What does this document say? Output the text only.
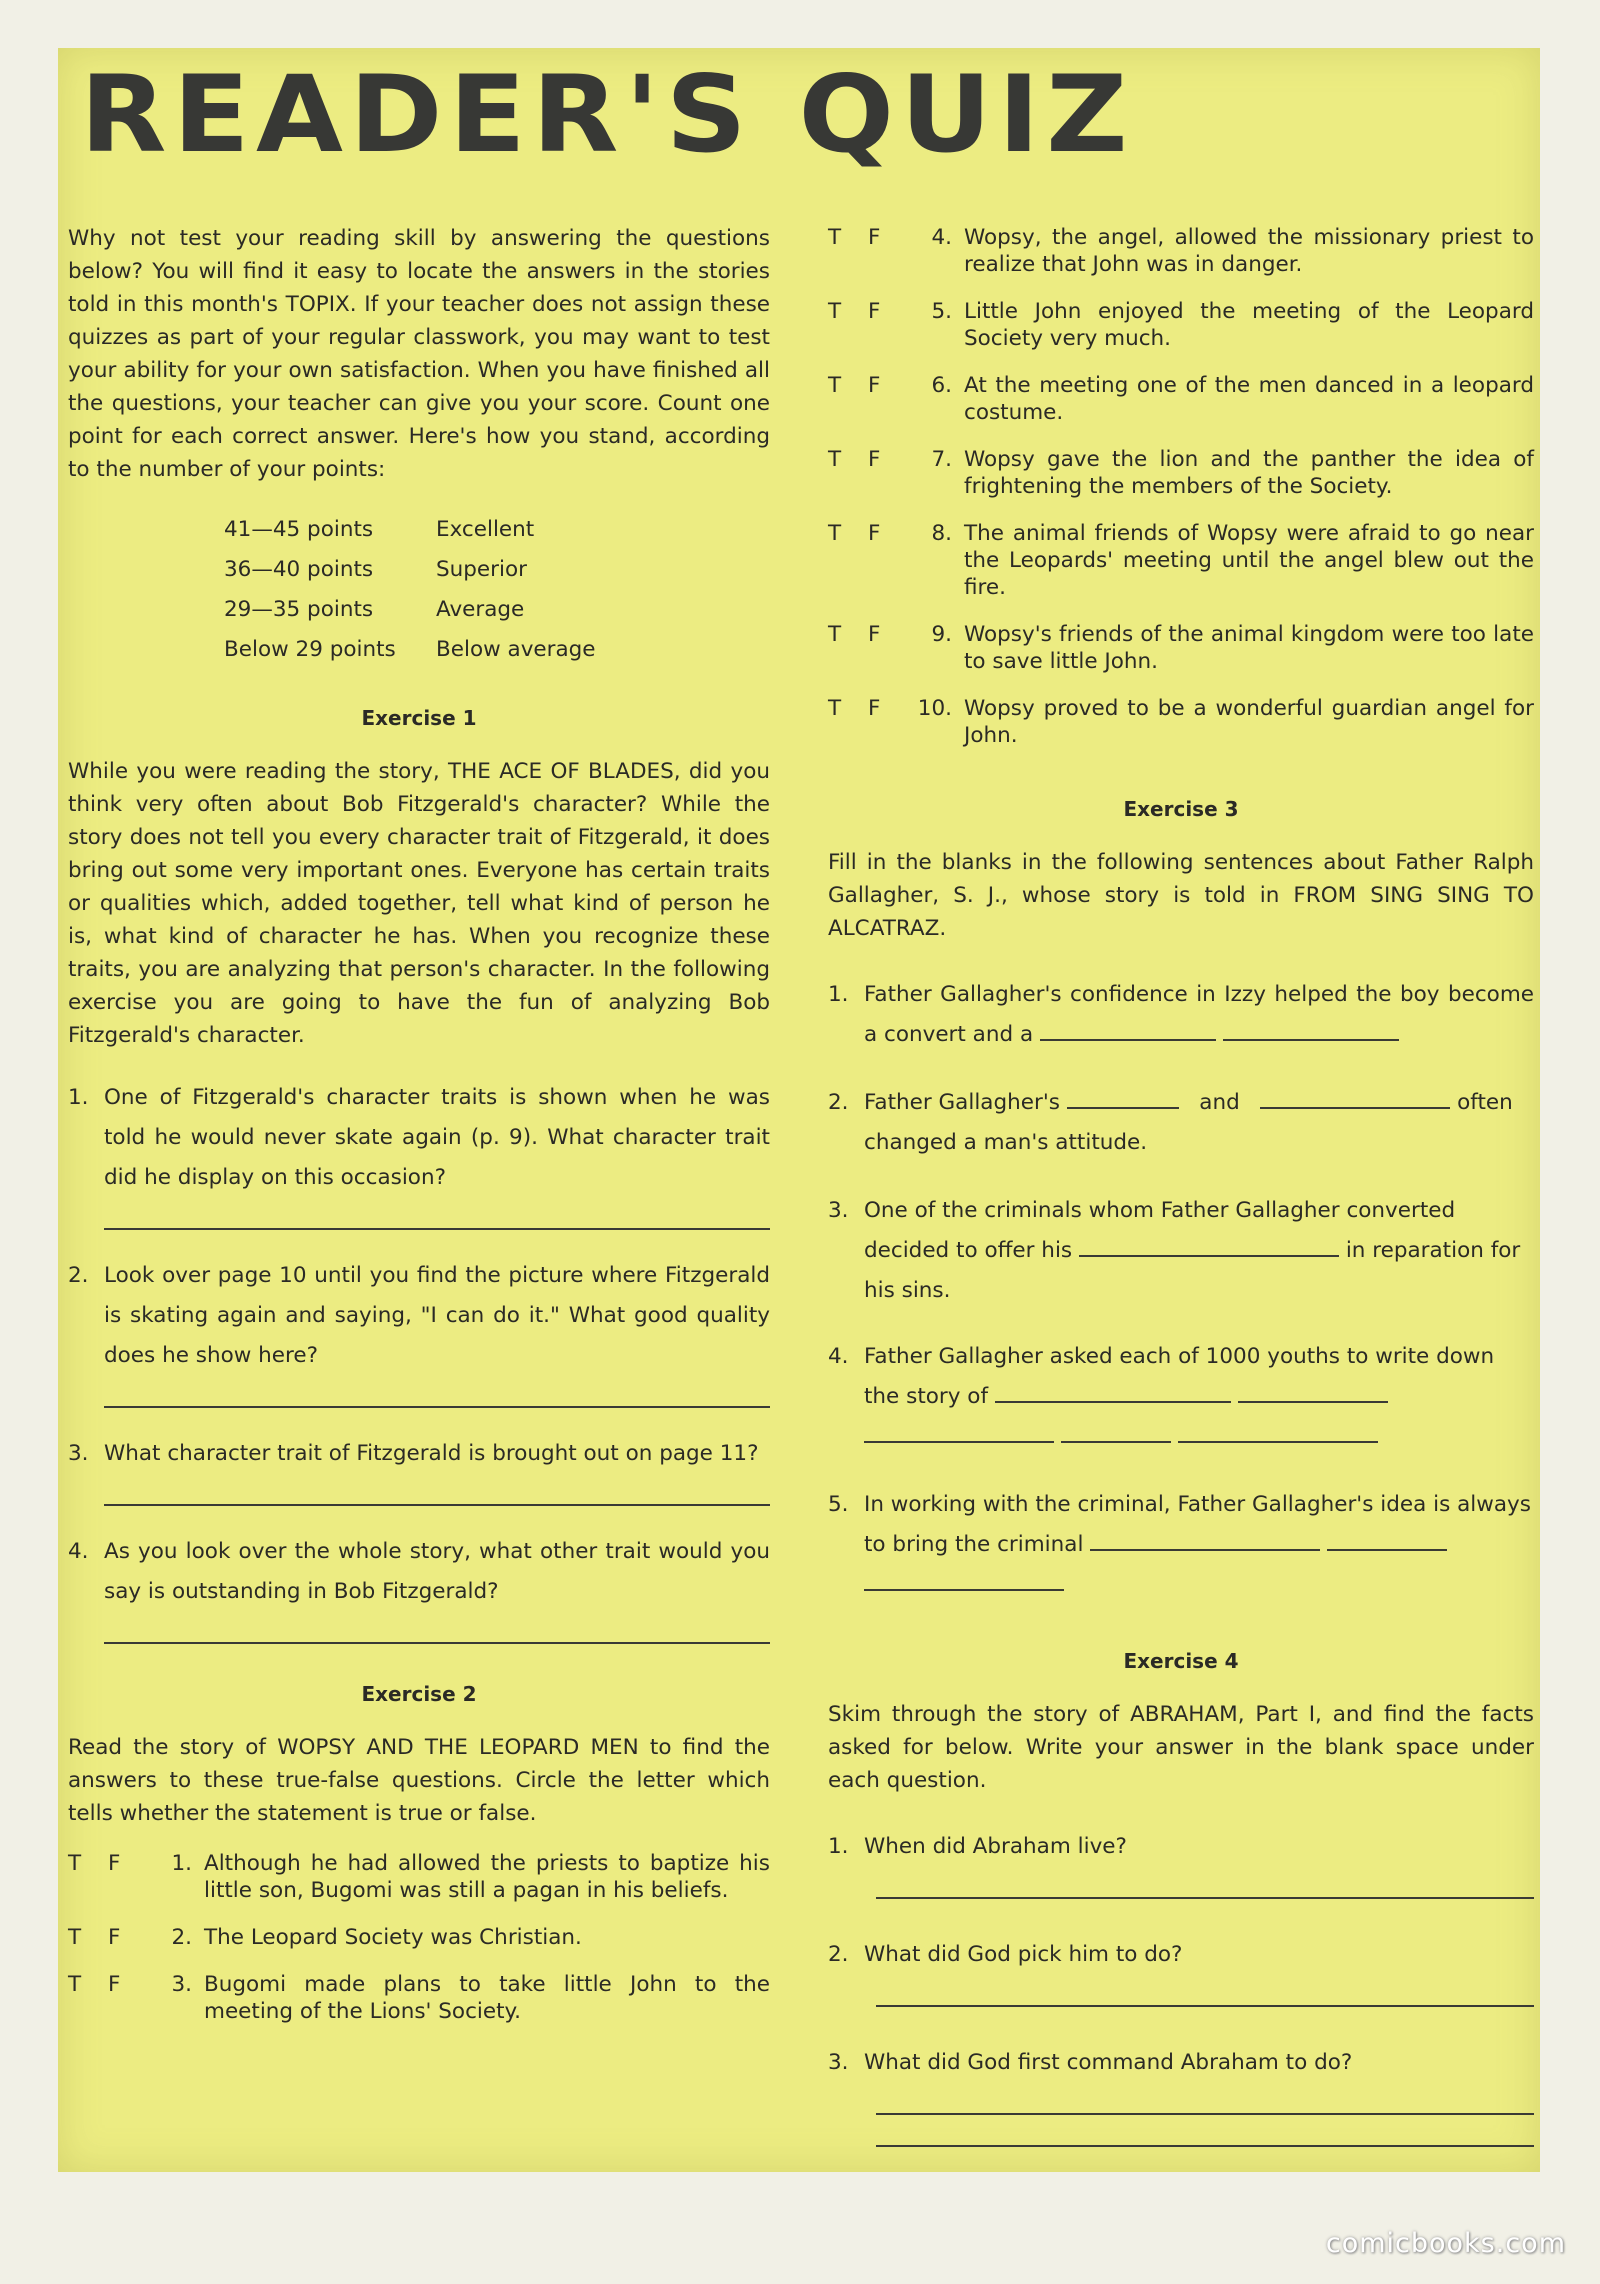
READER'S QUIZ

Why not test your reading skill by answering the questions below? You will find it easy to locate the answers in the stories told in this month's TOPIX. If your teacher does not assign these quizzes as part of your regular classwork, you may want to test your ability for your own satisfaction. When you have finished all the questions, your teacher can give you your score. Count one point for each correct answer. Here's how you stand, according to the number of your points:

41—45 points	Excellent
36—40 points	Superior
29—35 points	Average
Below 29 points	Below average
Exercise 1

While you were reading the story, THE ACE OF BLADES, did you think very often about Bob Fitzgerald's character? While the story does not tell you every character trait of Fitzgerald, it does bring out some very important ones. Everyone has certain traits or qualities which, added together, tell what kind of person he is, what kind of character he has. When you recognize these traits, you are analyzing that person's character. In the following exercise you are going to have the fun of analyzing Bob Fitzgerald's character.

1. One of Fitzgerald's character traits is shown when he was told he would never skate again (p. 9). What character trait did he display on this occasion?
2. Look over page 10 until you find the picture where Fitzgerald is skating again and saying, "I can do it." What good quality does he show here?
3. What character trait of Fitzgerald is brought out on page 11?
4. As you look over the whole story, what other trait would you say is outstanding in Bob Fitzgerald?
Exercise 2

Read the story of WOPSY AND THE LEOPARD MEN to find the answers to these true-false questions. Circle the letter which tells whether the statement is true or false.

T	F	1. Although he had allowed the priests to baptize his little son, Bugomi was still a pagan in his beliefs.
T	F	2. The Leopard Society was Christian.
T	F	3. Bugomi made plans to take little John to the meeting of the Lions' Society.
T	F	4. Wopsy, the angel, allowed the missionary priest to realize that John was in danger.
T	F	5. Little John enjoyed the meeting of the Leopard Society very much.
T	F	6. At the meeting one of the men danced in a leopard costume.
T	F	7. Wopsy gave the lion and the panther the idea of frightening the members of the Society.
T	F	8. The animal friends of Wopsy were afraid to go near the Leopards' meeting until the angel blew out the fire.
T	F	9. Wopsy's friends of the animal kingdom were too late to save little John.
T	F	10. Wopsy proved to be a wonderful guardian angel for John.
Exercise 3

Fill in the blanks in the following sentences about Father Ralph Gallagher, S. J., whose story is told in FROM SING SING TO ALCATRAZ.

1. Father Gallagher's confidence in Izzy helped the boy become a convert and a
2. Father Gallagher's	and	often changed a man's attitude.
3. One of the criminals whom Father Gallagher converted decided to offer his	in reparation for his sins.
4. Father Gallagher asked each of 1000 youths to write down the story of
5. In working with the criminal, Father Gallagher's idea is always to bring the criminal
Exercise 4

Skim through the story of ABRAHAM, Part I, and find the facts asked for below. Write your answer in the blank space under each question.

1. When did Abraham live?
2. What did God pick him to do?
3. What did God first command Abraham to do?
comicbooks.com
